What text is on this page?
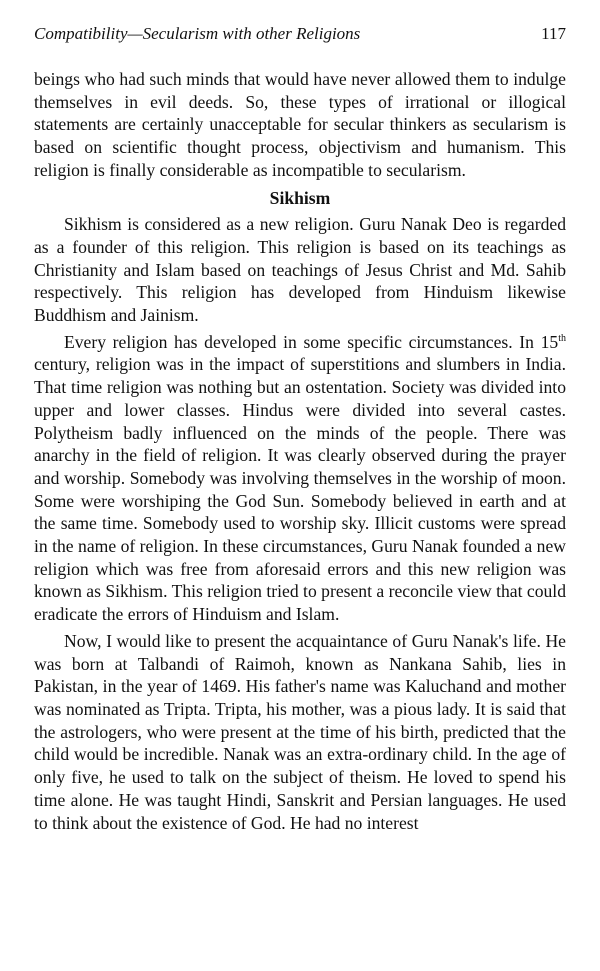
Compatibility—Secularism with other Religions	117

beings who had such minds that would have never allowed them to indulge themselves in evil deeds. So, these types of irrational or illogical statements are certainly unacceptable for secular thinkers as secularism is based on scientific thought process, objectivism and humanism. This religion is finally considerable as incompatible to secularism.

Sikhism

Sikhism is considered as a new religion. Guru Nanak Deo is regarded as a founder of this religion. This religion is based on its teachings as Christianity and Islam based on teachings of Jesus Christ and Md. Sahib respectively. This religion has developed from Hinduism likewise Buddhism and Jainism.

Every religion has developed in some specific circumstances. In 15th century, religion was in the impact of superstitions and slumbers in India. That time religion was nothing but an ostentation. Society was divided into upper and lower classes. Hindus were divided into several castes. Polytheism badly influenced on the minds of the people. There was anarchy in the field of religion. It was clearly observed during the prayer and worship. Somebody was involving themselves in the worship of moon. Some were worshiping the God Sun. Somebody believed in earth and at the same time. Somebody used to worship sky. Illicit customs were spread in the name of religion. In these circumstances, Guru Nanak founded a new religion which was free from aforesaid errors and this new religion was known as Sikhism. This religion tried to present a reconcile view that could eradicate the errors of Hinduism and Islam.

Now, I would like to present the acquaintance of Guru Nanak's life. He was born at Talbandi of Raimoh, known as Nankana Sahib, lies in Pakistan, in the year of 1469. His father's name was Kaluchand and mother was nominated as Tripta. Tripta, his mother, was a pious lady. It is said that the astrologers, who were present at the time of his birth, predicted that the child would be incredible. Nanak was an extra-ordinary child. In the age of only five, he used to talk on the subject of theism. He loved to spend his time alone. He was taught Hindi, Sanskrit and Persian languages. He used to think about the existence of God. He had no interest
